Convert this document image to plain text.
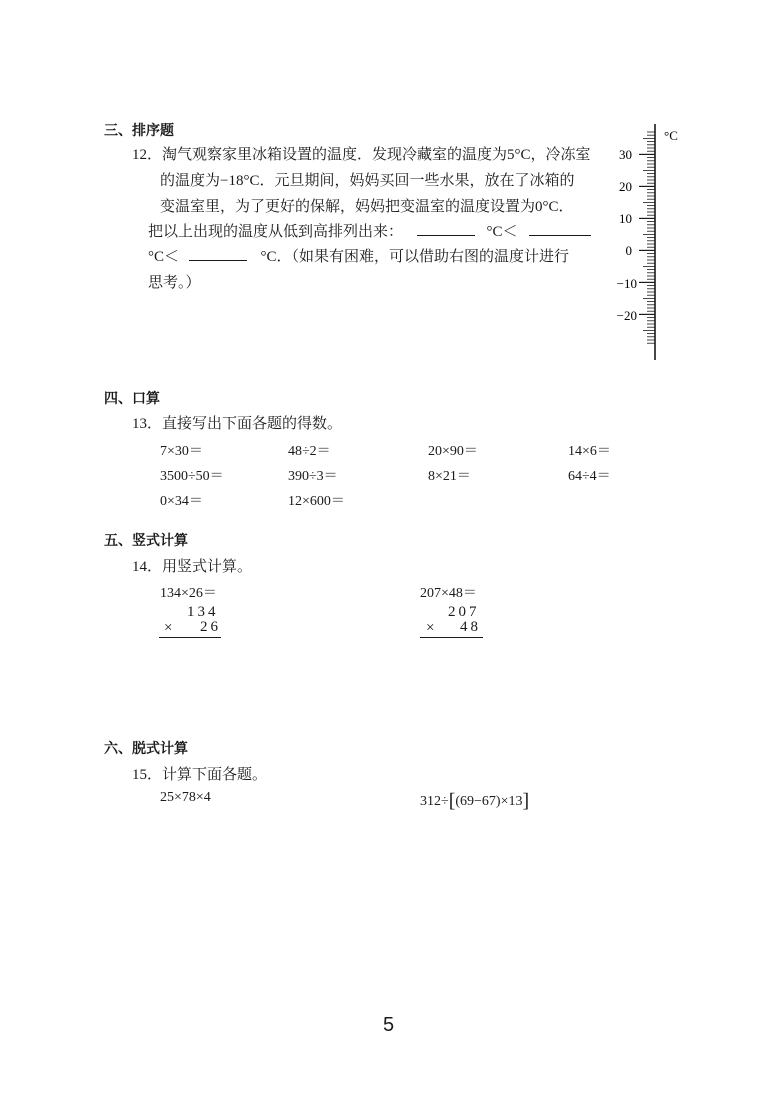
三、排序题
12．淘气观察家里冰箱设置的温度．发现冷藏室的温度为5°C，冷冻室
的温度为−18°C．元旦期间，妈妈买回一些水果，放在了冰箱的
变温室里，为了更好的保解，妈妈把变温室的温度设置为0°C．
把以上出现的温度从低到高排列出来：	°C＜
°C＜	°C．（如果有困难，可以借助右图的温度计进行
思考。）
°C
30
20
10
0
−10
−20
四、口算
13．直接写出下面各题的得数。
7×30＝	48÷2＝	20×90＝	14×6＝
3500÷50＝	390÷3＝	8×21＝	64÷4＝
0×34＝	12×600＝
五、竖式计算
14．用竖式计算。
134×26＝
134
× 26
207×48＝
207
× 48
六、脱式计算
15．计算下面各题。
25×78×4	312÷[(69−67)×13]
5
